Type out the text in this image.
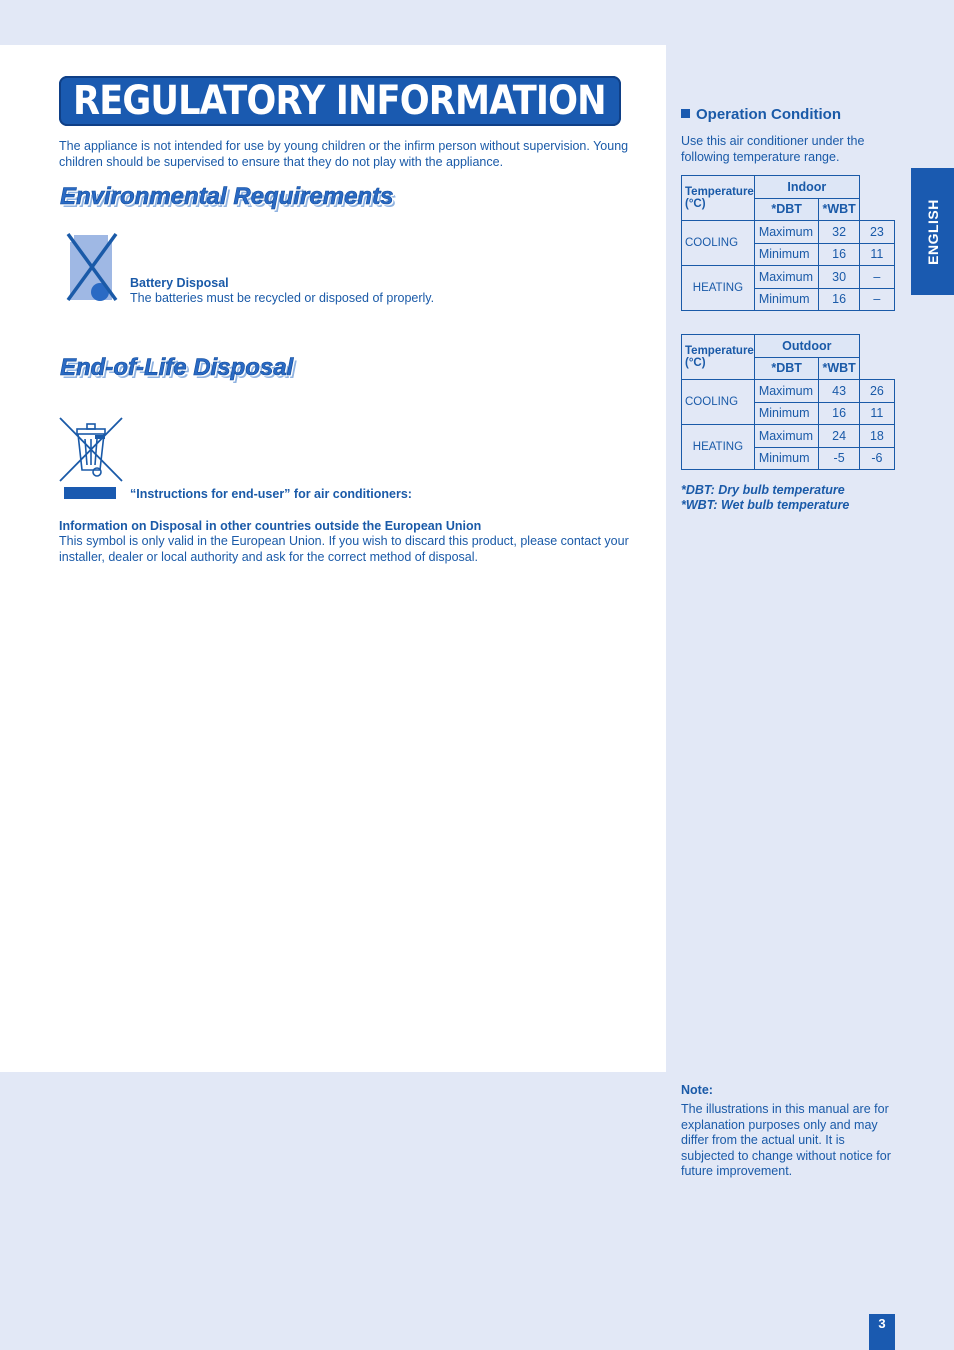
REGULATORY INFORMATION
The appliance is not intended for use by young children or the infirm person without supervision. Young children should be supervised to ensure that they do not play with the appliance.
Environmental Requirements
Battery Disposal
The batteries must be recycled or disposed of properly.
End-of-Life Disposal
“Instructions for end-user” for air conditioners:
Information on Disposal in other countries outside the European Union
This symbol is only valid in the European Union. If you wish to discard this product, please contact your installer, dealer or local authority and ask for the correct method of disposal.
Operation Condition
Use this air conditioner under the following temperature range.
Temperature (°C)	Indoor		
	*DBT	*WBT	
COOLING	Maximum	32	23
	Minimum	16	11
HEATING	Maximum	30	–
	Minimum	16	–
Temperature (°C)	Outdoor		
	*DBT	*WBT	
COOLING	Maximum	43	26
	Minimum	16	11
HEATING	Maximum	24	18
	Minimum	-5	-6
*DBT: Dry bulb temperature
*WBT: Wet bulb temperature
ENGLISH
Note:
The illustrations in this manual are for explanation purposes only and may differ from the actual unit. It is subjected to change without notice for future improvement.
3
